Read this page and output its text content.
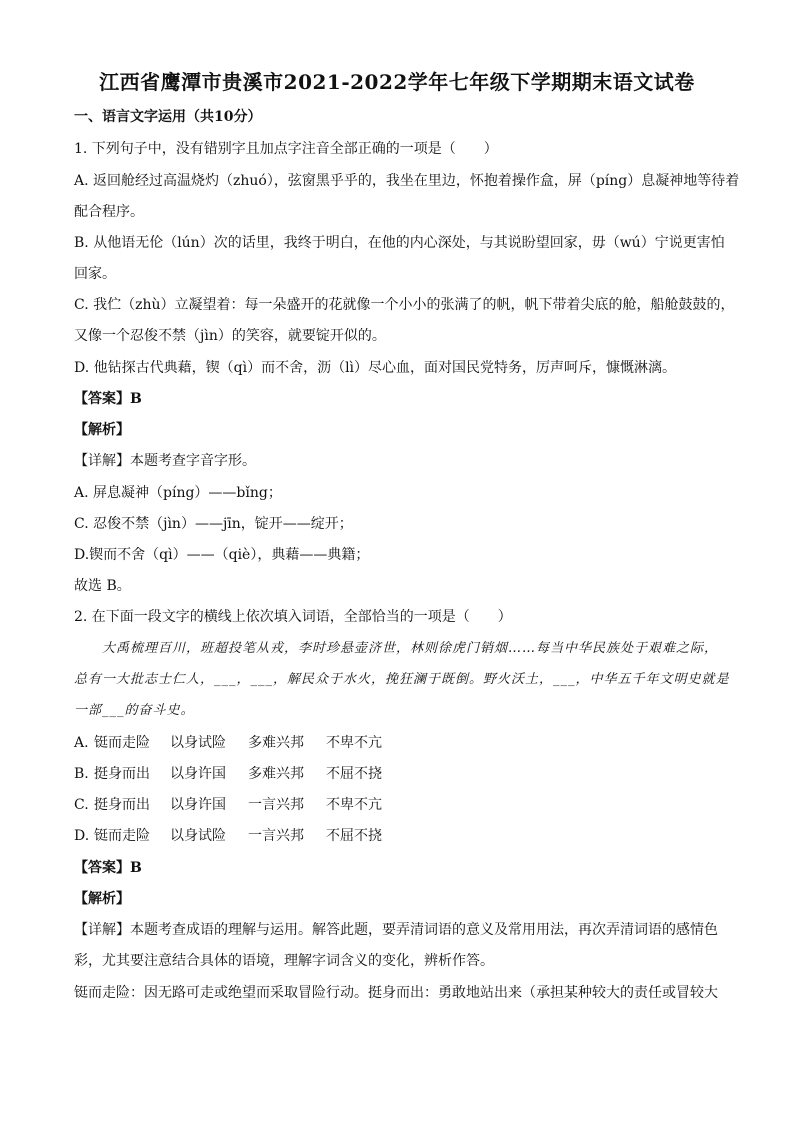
江西省鹰潭市贵溪市2021-2022学年七年级下学期期末语文试卷
一、语言文字运用（共10分）
1. 下列句子中，没有错别字且加点字注音全部正确的一项是（　　）
A. 返回舱经过高温烧灼（zhuó），弦窗黑乎乎的，我坐在里边，怀抱着操作盒，屏（píng）息凝神地等待着
配合程序。
B. 从他语无伦（lún）次的话里，我终于明白，在他的内心深处，与其说盼望回家，毋（wú）宁说更害怕
回家。
C. 我伫（zhù）立凝望着：每一朵盛开的花就像一个小小的张满了的帆，帆下带着尖底的舱，船舱鼓鼓的，
又像一个忍俊不禁（jìn）的笑容，就要锭开似的。
D. 他钻探古代典藉，锲（qì）而不舍，沥（lì）尽心血，面对国民党特务，厉声呵斥，慷慨淋漓。
【答案】B
【解析】
【详解】本题考查字音字形。
A. 屏息凝神（píng）——bǐng；
C. 忍俊不禁（jìn）——jīn，锭开——绽开；
D.锲而不舍（qì）——（qiè），典藉——典籍；
故选 B。
2. 在下面一段文字的横线上依次填入词语，全部恰当的一项是（　　）
大禹梳理百川，班超投笔从戎，李时珍悬壶济世，林则徐虎门销烟……每当中华民族处于艰难之际，
总有一大批志士仁人，___，___，解民众于水火，挽狂澜于既倒。野火沃土，___，中华五千年文明史就是
一部___的奋斗史。
A. 铤而走险 以身试险 多难兴邦 不卑不亢
B. 挺身而出 以身许国 多难兴邦 不屈不挠
C. 挺身而出 以身许国 一言兴邦 不卑不亢
D. 铤而走险 以身试险 一言兴邦 不屈不挠
【答案】B
【解析】
【详解】本题考查成语的理解与运用。解答此题，要弄清词语的意义及常用用法，再次弄清词语的感情色
彩，尤其要注意结合具体的语境，理解字词含义的变化，辨析作答。
铤而走险：因无路可走或绝望而采取冒险行动。挺身而出：勇敢地站出来（承担某种较大的责任或冒较大
